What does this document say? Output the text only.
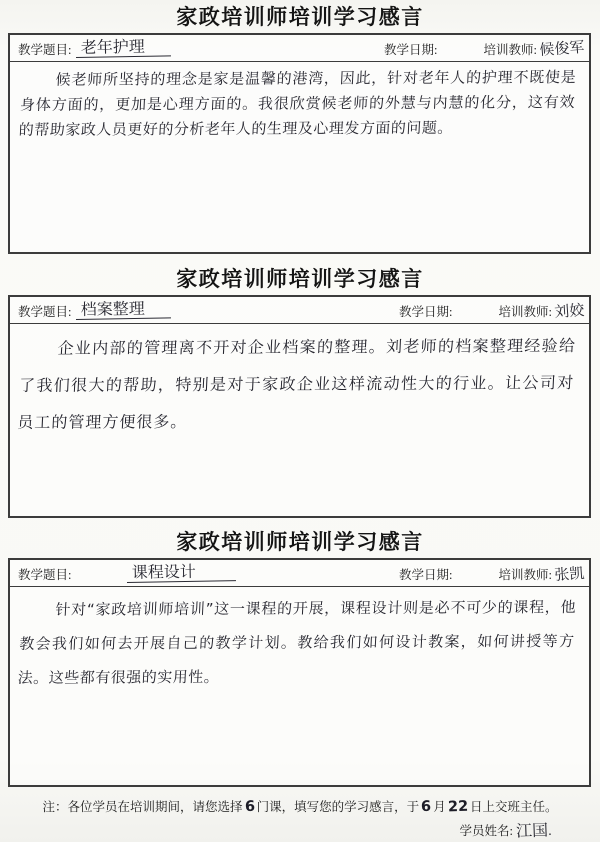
家政培训师培训学习感言
教学题目: 老年护理	教学日期:	培训教师: 候俊军
候老师所坚持的理念是家是温馨的港湾，因此，针对老年人的护理不既使是身体方面的，更加是心理方面的。我很欣赏候老师的外慧与内慧的化分，这有效的帮助家政人员更好的分析老年人的生理及心理发方面的问题。
家政培训师培训学习感言
教学题目: 档案整理	教学日期:	培训教师: 刘姣
企业内部的管理离不开对企业档案的整理。刘老师的档案整理经验给了我们很大的帮助，特别是对于家政企业这样流动性大的行业。让公司对员工的管理方便很多。
家政培训师培训学习感言
教学题目:	课程设计	教学日期:	培训教师: 张凯
针对“家政培训师培训”这一课程的开展，课程设计则是必不可少的课程，他教会我们如何去开展自己的教学计划。教给我们如何设计教案，如何讲授等方法。这些都有很强的实用性。
注：各位学员在培训期间，请您选择 6 门课，填写您的学习感言，于 6 月 22 日上交班主任。
学员姓名: 江国.
